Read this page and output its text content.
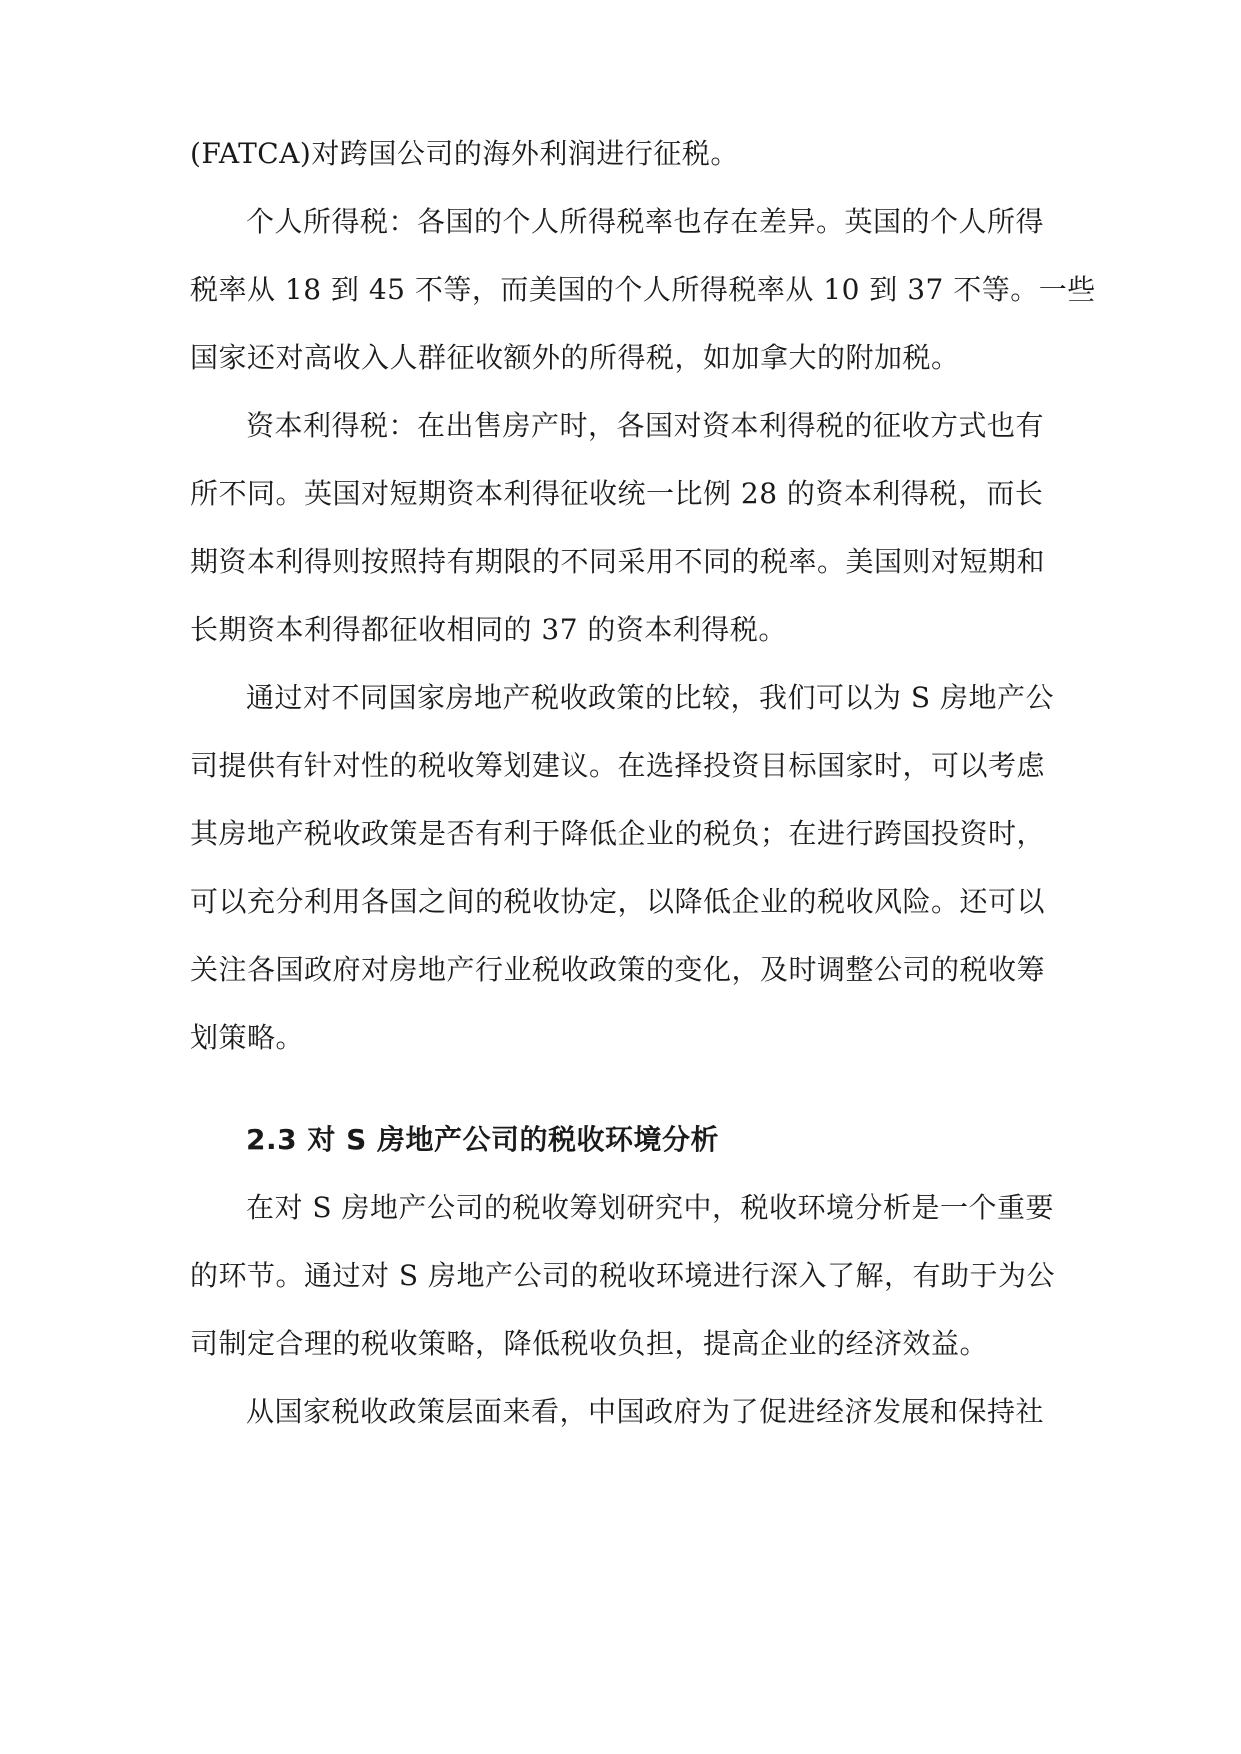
(FATCA)对跨国公司的海外利润进行征税。
个人所得税：各国的个人所得税率也存在差异。英国的个人所得
税率从 18 到 45 不等，而美国的个人所得税率从 10 到 37 不等。一些
国家还对高收入人群征收额外的所得税，如加拿大的附加税。
资本利得税：在出售房产时，各国对资本利得税的征收方式也有
所不同。英国对短期资本利得征收统一比例 28 的资本利得税，而长
期资本利得则按照持有期限的不同采用不同的税率。美国则对短期和
长期资本利得都征收相同的 37 的资本利得税。
通过对不同国家房地产税收政策的比较，我们可以为 S 房地产公
司提供有针对性的税收筹划建议。在选择投资目标国家时，可以考虑
其房地产税收政策是否有利于降低企业的税负；在进行跨国投资时，
可以充分利用各国之间的税收协定，以降低企业的税收风险。还可以
关注各国政府对房地产行业税收政策的变化，及时调整公司的税收筹
划策略。
2.3 对 S 房地产公司的税收环境分析
在对 S 房地产公司的税收筹划研究中，税收环境分析是一个重要
的环节。通过对 S 房地产公司的税收环境进行深入了解，有助于为公
司制定合理的税收策略，降低税收负担，提高企业的经济效益。
从国家税收政策层面来看，中国政府为了促进经济发展和保持社
